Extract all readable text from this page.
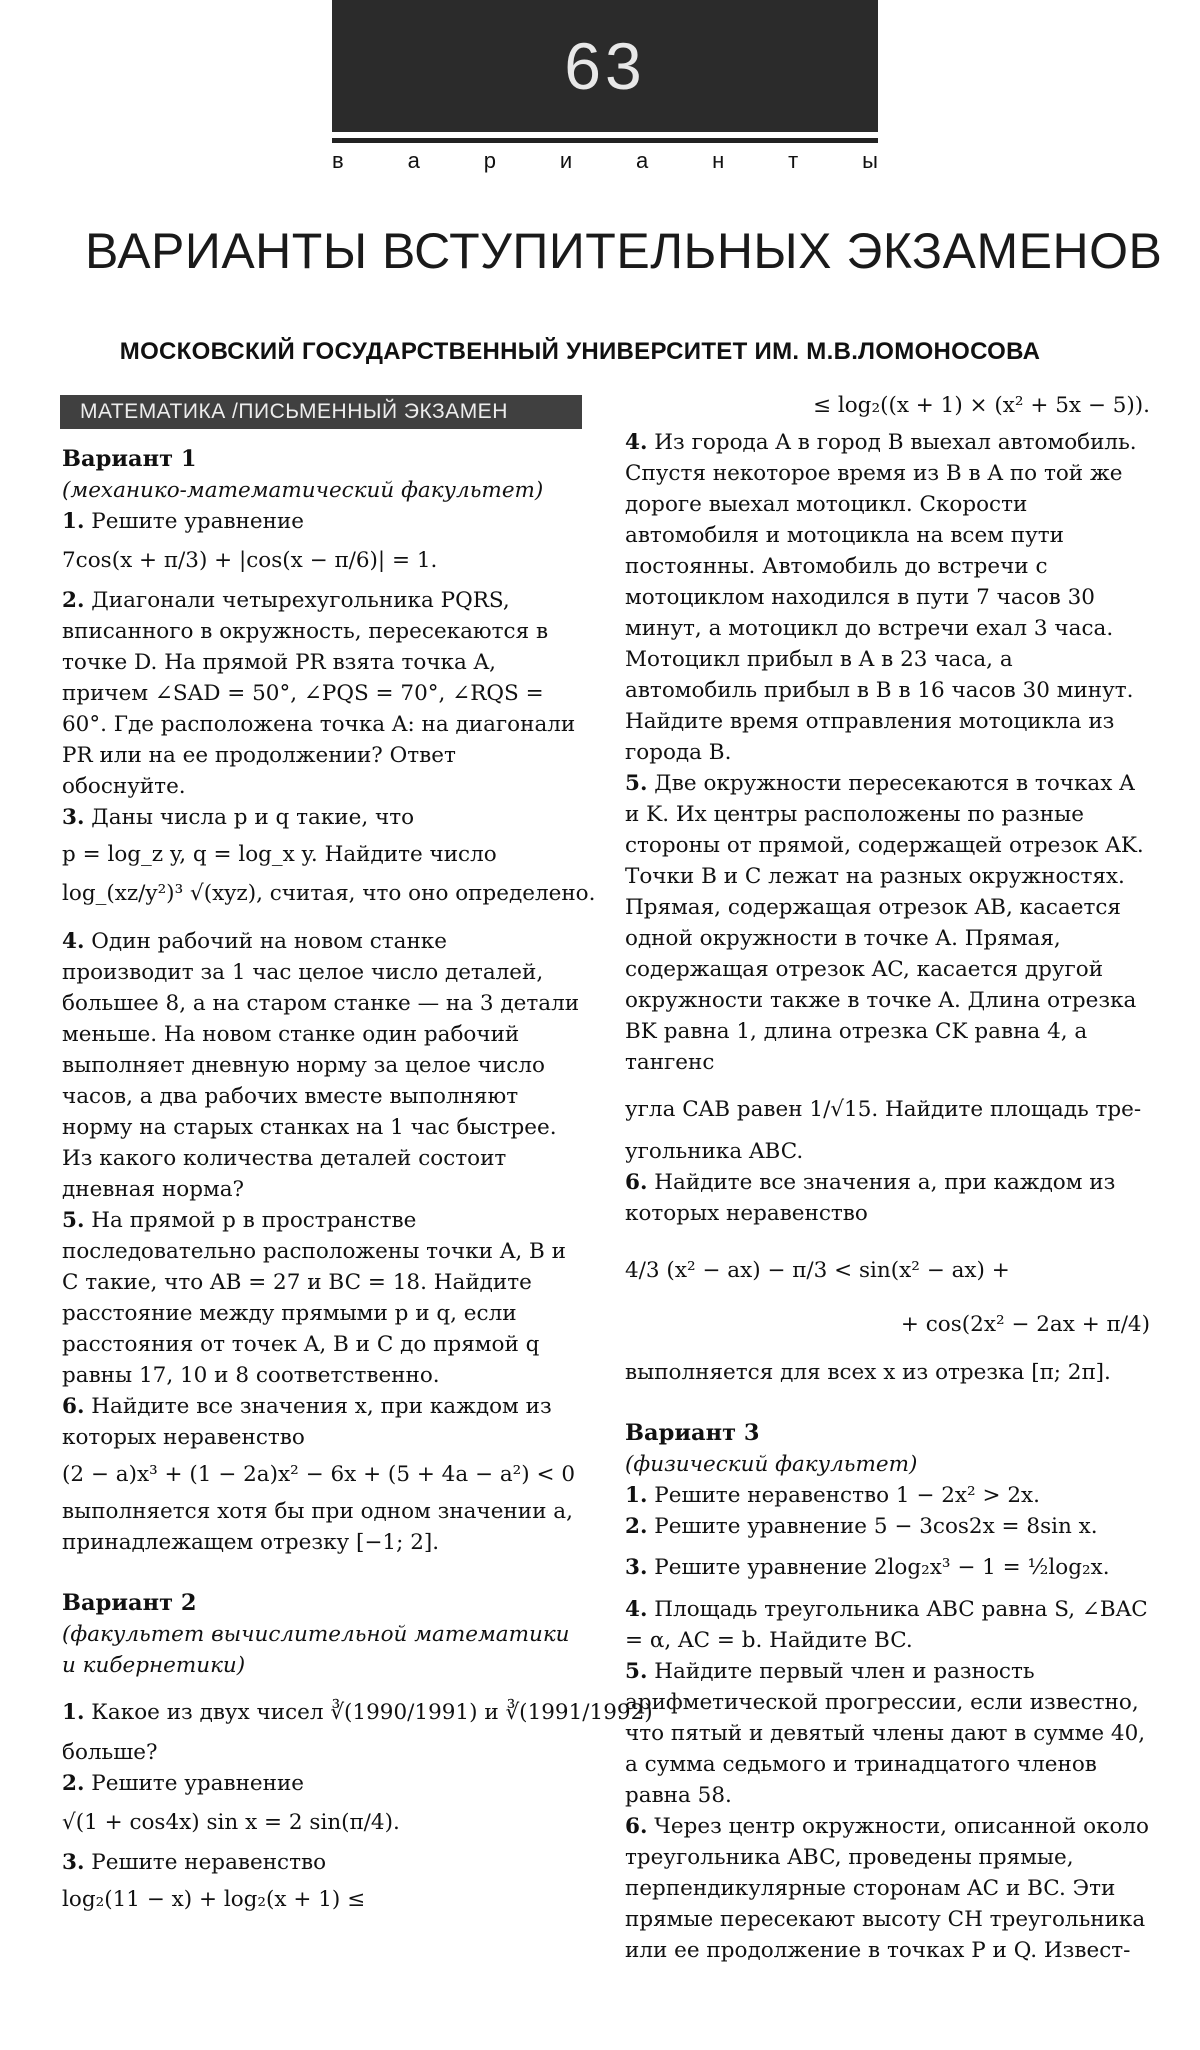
63
в	а	р	и	а	н	т	ы
ВАРИАНТЫ ВСТУПИТЕЛЬНЫХ ЭКЗАМЕНОВ
МОСКОВСКИЙ ГОСУДАРСТВЕННЫЙ УНИВЕРСИТЕТ ИМ. М.В.ЛОМОНОСОВА
МАТЕМАТИКА /ПИСЬМЕННЫЙ ЭКЗАМЕН

Вариант 1

(механико-математический факультет)

1. Решите уравнение

7cos(x + π/3) + |cos(x − π/6)| = 1.

2. Диагонали четырехугольника PQRS, вписанного в окружность, пересекаются в точке D. На прямой PR взята точка A, причем ∠SAD = 50°, ∠PQS = 70°, ∠RQS = 60°. Где расположена точка A: на диагонали PR или на ее продолжении? Ответ обоснуйте.

3. Даны числа p и q такие, что

p = log_z y, q = log_x y. Найдите число

log_(xz/y²)³ √(xyz), считая, что оно определено.

4. Один рабочий на новом станке производит за 1 час целое число деталей, большее 8, а на старом станке — на 3 детали меньше. На новом станке один рабочий выполняет дневную норму за целое число часов, а два рабочих вместе выполняют норму на старых станках на 1 час быстрее. Из какого количества деталей состоит дневная норма?

5. На прямой p в пространстве последовательно расположены точки A, B и C такие, что AB = 27 и BC = 18. Найдите расстояние между прямыми p и q, если расстояния от точек A, B и C до прямой q равны 17, 10 и 8 соответственно.

6. Найдите все значения x, при каждом из которых неравенство

(2 − a)x³ + (1 − 2a)x² − 6x + (5 + 4a − a²) < 0

выполняется хотя бы при одном значении a, принадлежащем отрезку [−1; 2].

Вариант 2

(факультет вычислительной математики и кибернетики)

1. Какое из двух чисел ∛(1990/1991) и ∛(1991/1992)

больше?

2. Решите уравнение

√(1 + cos4x) sin x = 2 sin(π/4).

3. Решите неравенство

log₂(11 − x) + log₂(x + 1) ≤

≤ log₂((x + 1) × (x² + 5x − 5)).

4. Из города A в город B выехал автомобиль. Спустя некоторое время из B в A по той же дороге выехал мотоцикл. Скорости автомобиля и мотоцикла на всем пути постоянны. Автомобиль до встречи с мотоциклом находился в пути 7 часов 30 минут, а мотоцикл до встречи ехал 3 часа. Мотоцикл прибыл в A в 23 часа, а автомобиль прибыл в B в 16 часов 30 минут. Найдите время отправления мотоцикла из города B.

5. Две окружности пересекаются в точках A и K. Их центры расположены по разные стороны от прямой, содержащей отрезок AK. Точки B и C лежат на разных окружностях. Прямая, содержащая отрезок AB, касается одной окружности в точке A. Прямая, содержащая отрезок AC, касается другой окружности также в точке A. Длина отрезка BK равна 1, длина отрезка CK равна 4, а тангенс

угла CAB равен 1/√15. Найдите площадь тре-

угольника ABC.

6. Найдите все значения a, при каждом из которых неравенство

4/3 (x² − ax) − π/3 < sin(x² − ax) +

+ cos(2x² − 2ax + π/4)

выполняется для всех x из отрезка [π; 2π].

Вариант 3

(физический факультет)

1. Решите неравенство 1 − 2x² > 2x.

2. Решите уравнение 5 − 3cos2x = 8sin x.

3. Решите уравнение 2log₂x³ − 1 = ½log₂x.

4. Площадь треугольника ABC равна S, ∠BAC = α, AC = b. Найдите BC.

5. Найдите первый член и разность арифметической прогрессии, если известно, что пятый и девятый члены дают в сумме 40, а сумма седьмого и тринадцатого членов равна 58.

6. Через центр окружности, описанной около треугольника ABC, проведены прямые, перпендикулярные сторонам AC и BC. Эти прямые пересекают высоту CH треугольника или ее продолжение в точках P и Q. Извест-
